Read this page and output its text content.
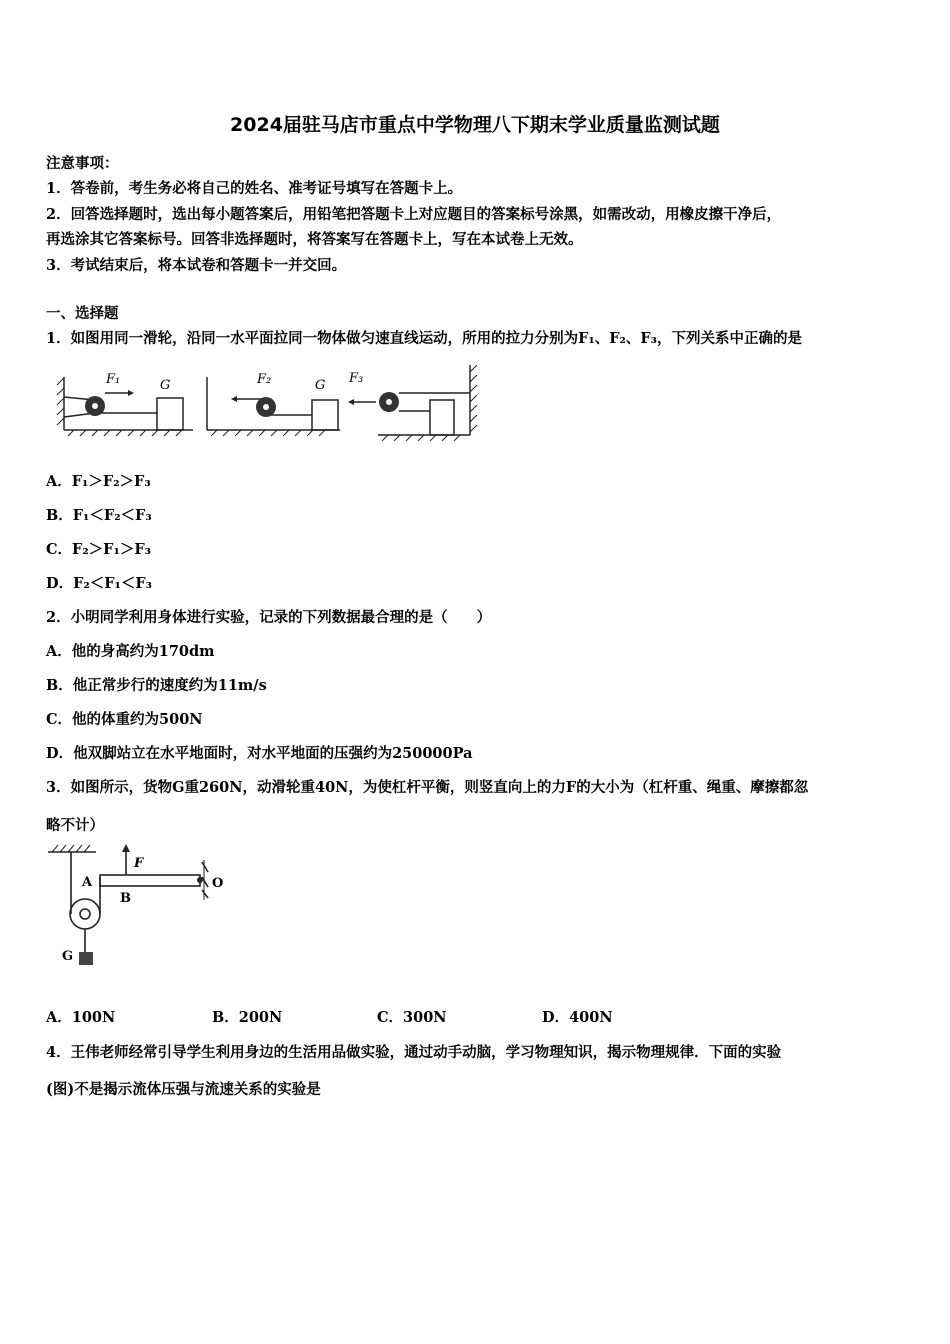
2024届驻马店市重点中学物理八下期末学业质量监测试题
注意事项：
1．答卷前，考生务必将自己的姓名、准考证号填写在答题卡上。
2．回答选择题时，选出每小题答案后，用铅笔把答题卡上对应题目的答案标号涂黑，如需改动，用橡皮擦干净后，
再选涂其它答案标号。回答非选择题时，将答案写在答题卡上，写在本试卷上无效。
3．考试结束后，将本试卷和答题卡一并交回。
一、选择题
1．如图用同一滑轮，沿同一水平面拉同一物体做匀速直线运动，所用的拉力分别为F₁、F₂、F₃，下列关系中正确的是
F₁	G	F₂	G F₃
A．F₁＞F₂＞F₃
B．F₁＜F₂＜F₃
C．F₂＞F₁＞F₃
D．F₂＜F₁＜F₃
2．小明同学利用身体进行实验，记录的下列数据最合理的是（　　）
A．他的身高约为170dm
B．他正常步行的速度约为11m/s
C．他的体重约为500N
D．他双脚站立在水平地面时，对水平地面的压强约为250000Pa
3．如图所示，货物G重260N，动滑轮重40N，为使杠杆平衡，则竖直向上的力F的大小为（杠杆重、绳重、摩擦都忽
略不计）
F
A
B
O
G
A．100N	B．200N	C．300N	D．400N
4．王伟老师经常引导学生利用身边的生活用品做实验，通过动手动脑，学习物理知识，揭示物理规律．下面的实验
(图)不是揭示流体压强与流速关系的实验是
